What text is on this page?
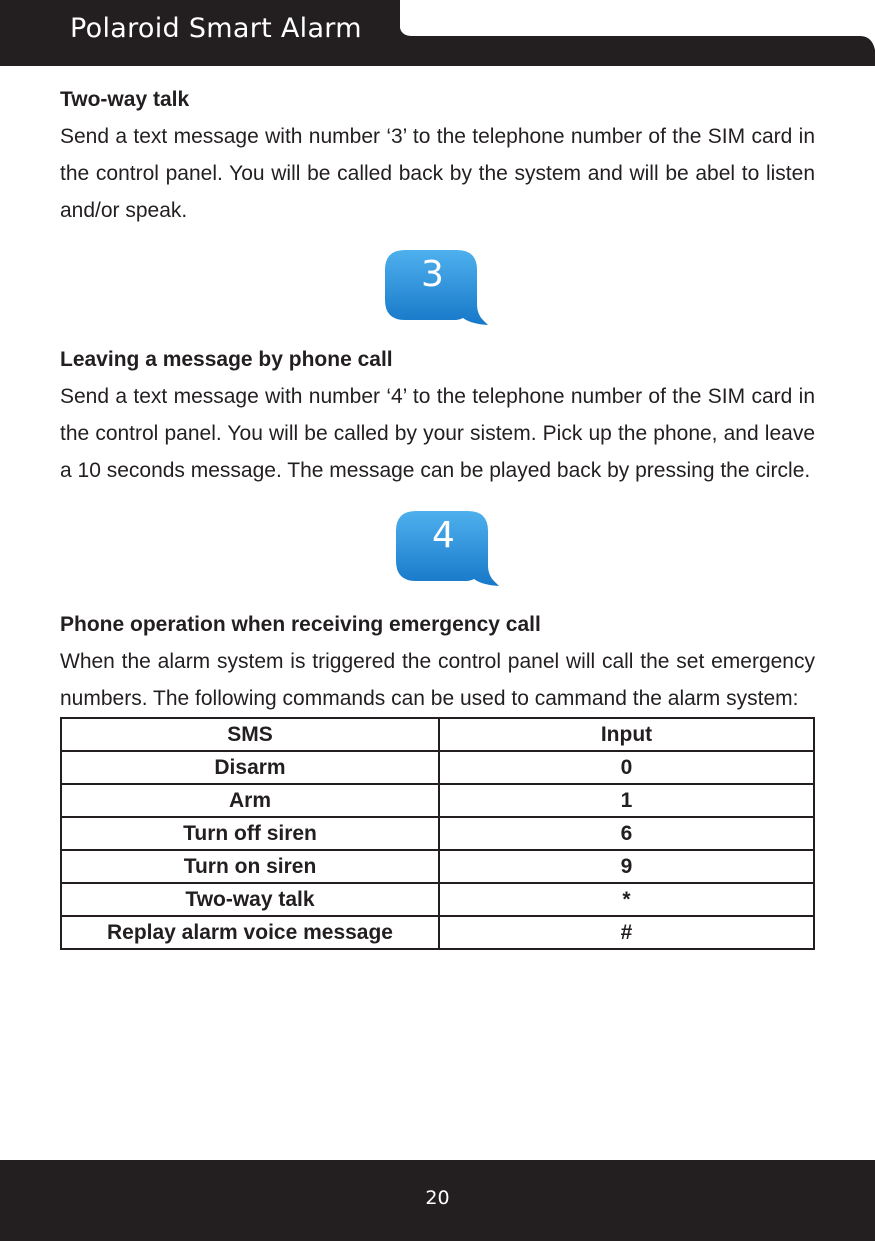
Polaroid Smart Alarm

Two-way talk

Send a text message with number ‘3’ to the telephone number of the SIM card in the control panel. You will be called back by the system and will be abel to listen and/or speak.

3

Leaving a message by phone call

Send a text message with number ‘4’ to the telephone number of the SIM card in the control panel. You will be called by your sistem. Pick up the phone, and leave a 10 seconds message. The message can be played back by pressing the circle.

4

Phone operation when receiving emergency call

When the alarm system is triggered the control panel will call the set emergency numbers. The following commands can be used to cammand the alarm system:

SMS	Input
Disarm	0
Arm	1
Turn off siren	6
Turn on siren	9
Two-way talk	*
Replay alarm voice message	#
20
